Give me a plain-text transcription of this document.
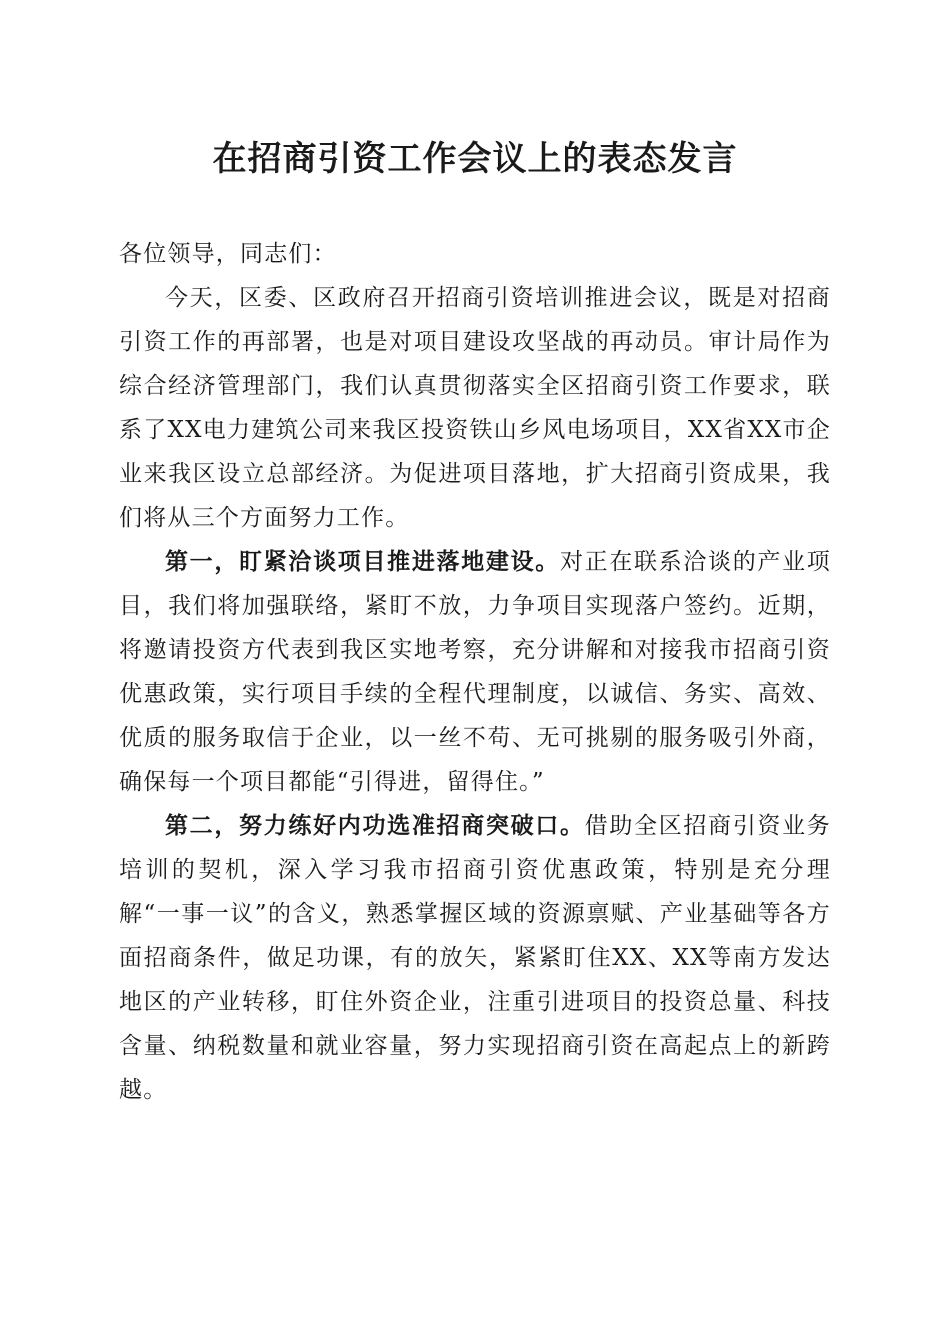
在招商引资工作会议上的表态发言

各位领导，同志们：

今天，区委、区政府召开招商引资培训推进会议，既是对招商引资工作的再部署，也是对项目建设攻坚战的再动员。审计局作为综合经济管理部门，我们认真贯彻落实全区招商引资工作要求，联系了XX电力建筑公司来我区投资铁山乡风电场项目，XX省XX市企业来我区设立总部经济。为促进项目落地，扩大招商引资成果，我们将从三个方面努力工作。

第一，盯紧洽谈项目推进落地建设。对正在联系洽谈的产业项目，我们将加强联络，紧盯不放，力争项目实现落户签约。近期，将邀请投资方代表到我区实地考察，充分讲解和对接我市招商引资优惠政策，实行项目手续的全程代理制度，以诚信、务实、高效、优质的服务取信于企业，以一丝不苟、无可挑剔的服务吸引外商，确保每一个项目都能“引得进，留得住。”

第二，努力练好内功选准招商突破口。借助全区招商引资业务培训的契机，深入学习我市招商引资优惠政策，特别是充分理解“一事一议”的含义，熟悉掌握区域的资源禀赋、产业基础等各方面招商条件，做足功课，有的放矢，紧紧盯住XX、XX等南方发达地区的产业转移，盯住外资企业，注重引进项目的投资总量、科技含量、纳税数量和就业容量，努力实现招商引资在高起点上的新跨越。
